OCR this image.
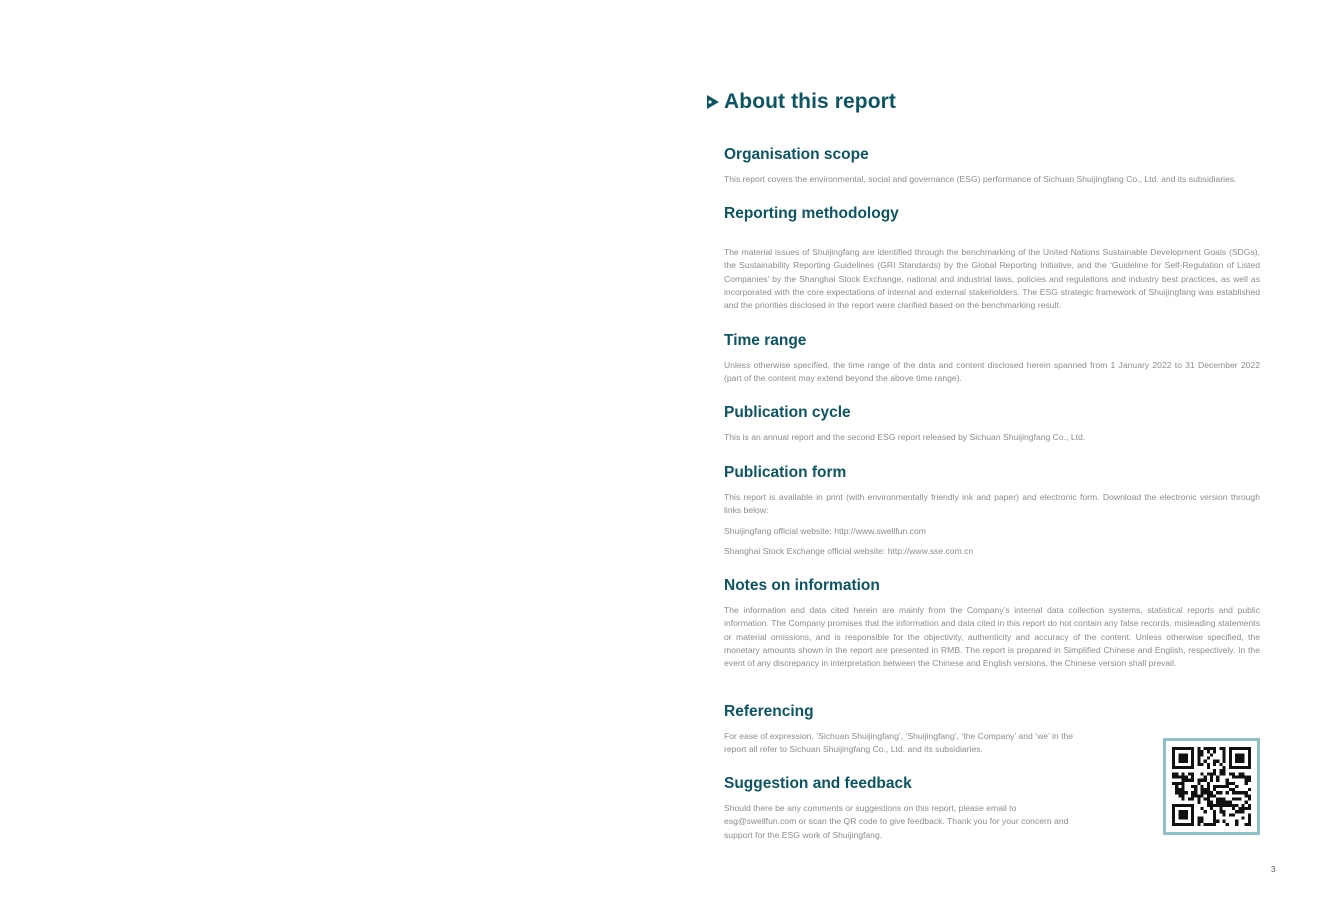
About this report
Organisation scope

This report covers the environmental, social and governance (ESG) performance of Sichuan Shuijingfang Co., Ltd. and its subsidiaries.

Reporting methodology

The material issues of Shuijingfang are identified through the benchmarking of the United Nations Sustainable Development Goals (SDGs), the Sustainability Reporting Guidelines (GRI Standards) by the Global Reporting Initiative, and the ‘Guideline for Self-Regulation of Listed Companies’ by the Shanghai Stock Exchange, national and industrial laws, policies and regulations and industry best practices, as well as incorporated with the core expectations of internal and external stakeholders. The ESG strategic framework of Shuijingfang was established and the priorities disclosed in the report were clarified based on the benchmarking result.

Time range

Unless otherwise specified, the time range of the data and content disclosed herein spanned from 1 January 2022 to 31 December 2022 (part of the content may extend beyond the above time range).

Publication cycle

This is an annual report and the second ESG report released by Sichuan Shuijingfang Co., Ltd.

Publication form

This report is available in print (with environmentally friendly ink and paper) and electronic form. Download the electronic version through links below:

Shuijingfang official website: http://www.swellfun.com

Shanghai Stock Exchange official website: http://www.sse.com.cn

Notes on information

The information and data cited herein are mainly from the Company’s internal data collection systems, statistical reports and public information. The Company promises that the information and data cited in this report do not contain any false records, misleading statements or material omissions, and is responsible for the objectivity, authenticity and accuracy of the content. Unless otherwise specified, the monetary amounts shown in the report are presented in RMB. The report is prepared in Simplified Chinese and English, respectively. In the event of any discrepancy in interpretation between the Chinese and English versions, the Chinese version shall prevail.

Referencing

For ease of expression, ‘Sichuan Shuijingfang’, ‘Shuijingfang’, ‘the Company’ and ‘we’ in the report all refer to Sichuan Shuijingfang Co., Ltd. and its subsidiaries.

Suggestion and feedback

Should there be any comments or suggestions on this report, please email to esg@swellfun.com or scan the QR code to give feedback. Thank you for your concern and support for the ESG work of Shuijingfang.

3
